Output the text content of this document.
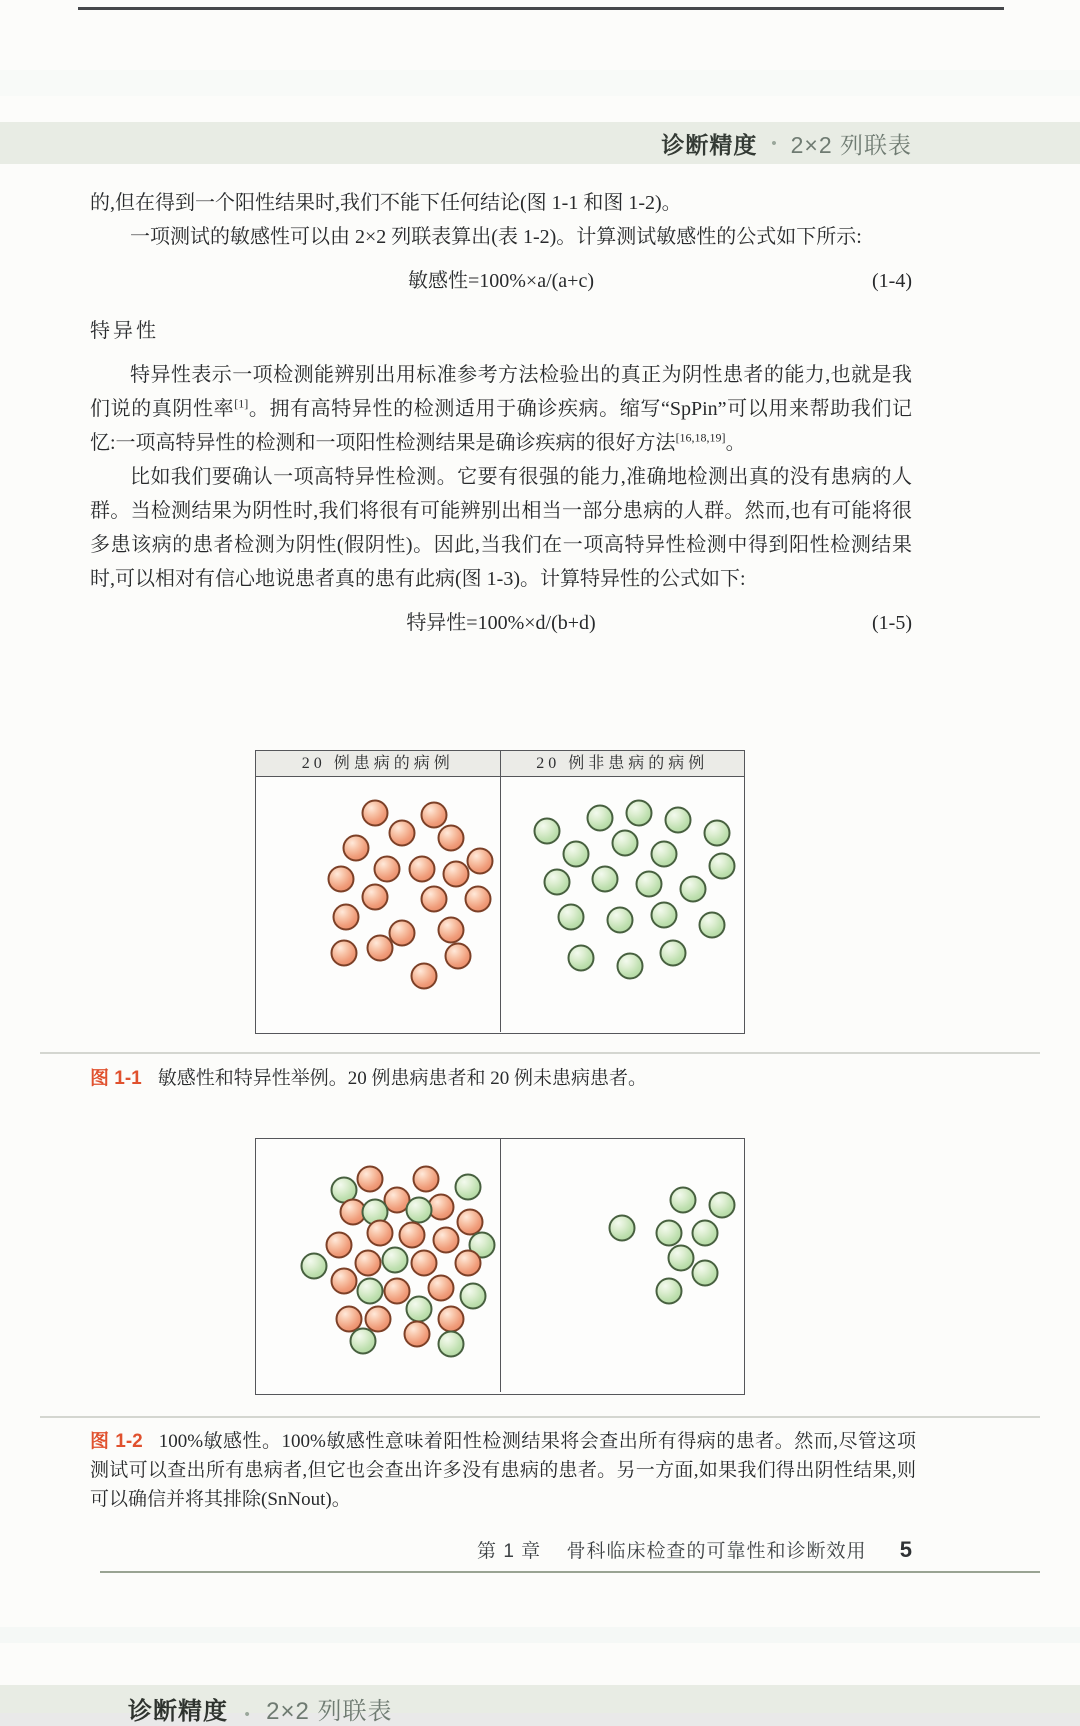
诊断精度 • 2×2 列联表

的,但在得到一个阳性结果时,我们不能下任何结论(图 1-1 和图 1-2)。

一项测试的敏感性可以由 2×2 列联表算出(表 1-2)。计算测试敏感性的公式如下所示:

敏感性=100%×a/(a+c)	(1-4)
特异性

特异性表示一项检测能辨别出用标准参考方法检验出的真正为阴性患者的能力,也就是我们说的真阴性率[1]。拥有高特异性的检测适用于确诊疾病。缩写“SpPin”可以用来帮助我们记忆:一项高特异性的检测和一项阳性检测结果是确诊疾病的很好方法[16,18,19]。

比如我们要确认一项高特异性检测。它要有很强的能力,准确地检测出真的没有患病的人群。当检测结果为阴性时,我们将很有可能辨别出相当一部分患病的人群。然而,也有可能将很多患该病的患者检测为阴性(假阴性)。因此,当我们在一项高特异性检测中得到阳性检测结果时,可以相对有信心地说患者真的患有此病(图 1-3)。计算特异性的公式如下:

特异性=100%×d/(b+d)	(1-5)
20 例患病的病例	20 例非患病的病例

图 1-1 敏感性和特异性举例。20 例患病患者和 20 例未患病患者。

图 1-2 100%敏感性。100%敏感性意味着阳性检测结果将会查出所有得病的患者。然而,尽管这项测试可以查出所有患病者,但它也会查出许多没有患病的患者。另一方面,如果我们得出阴性结果,则可以确信并将其排除(SnNout)。

第 1 章 骨科临床检查的可靠性和诊断效用 5
诊断精度 • 2×2 列联表
